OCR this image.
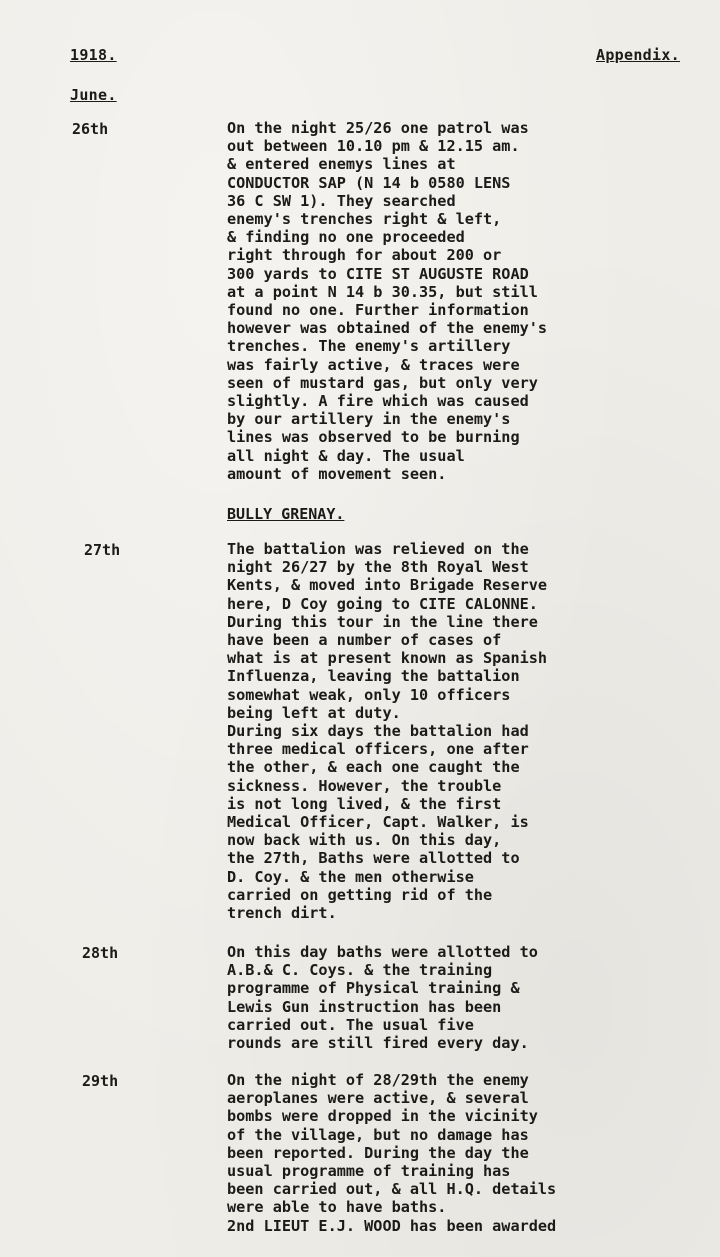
1918.	Appendix.
June.
26th	On the night 25/26 one patrol was
out between 10.10 pm & 12.15 am.
& entered enemys lines at
CONDUCTOR SAP (N 14 b 0580 LENS
36 C SW 1). They searched
enemy's trenches right & left,
& finding no one proceeded
right through for about 200 or
300 yards to CITE ST AUGUSTE ROAD
at a point N 14 b 30.35, but still
found no one. Further information
however was obtained of the enemy's
trenches. The enemy's artillery
was fairly active, & traces were
seen of mustard gas, but only very
slightly. A fire which was caused
by our artillery in the enemy's
lines was observed to be burning
all night & day. The usual
amount of movement seen.
BULLY GRENAY.
27th	The battalion was relieved on the
night 26/27 by the 8th Royal West
Kents, & moved into Brigade Reserve
here, D Coy going to CITE CALONNE.
During this tour in the line there
have been a number of cases of
what is at present known as Spanish
Influenza, leaving the battalion
somewhat weak, only 10 officers
being left at duty.
During six days the battalion had
three medical officers, one after
the other, & each one caught the
sickness. However, the trouble
is not long lived, & the first
Medical Officer, Capt. Walker, is
now back with us. On this day,
the 27th, Baths were allotted to
D. Coy. & the men otherwise
carried on getting rid of the
trench dirt.
28th	On this day baths were allotted to
A.B.& C. Coys. & the training
programme of Physical training &
Lewis Gun instruction has been
carried out. The usual five
rounds are still fired every day.
29th	On the night of 28/29th the enemy
aeroplanes were active, & several
bombs were dropped in the vicinity
of the village, but no damage has
been reported. During the day the
usual programme of training has
been carried out, & all H.Q. details
were able to have baths.
2nd LIEUT E.J. WOOD has been awarded
